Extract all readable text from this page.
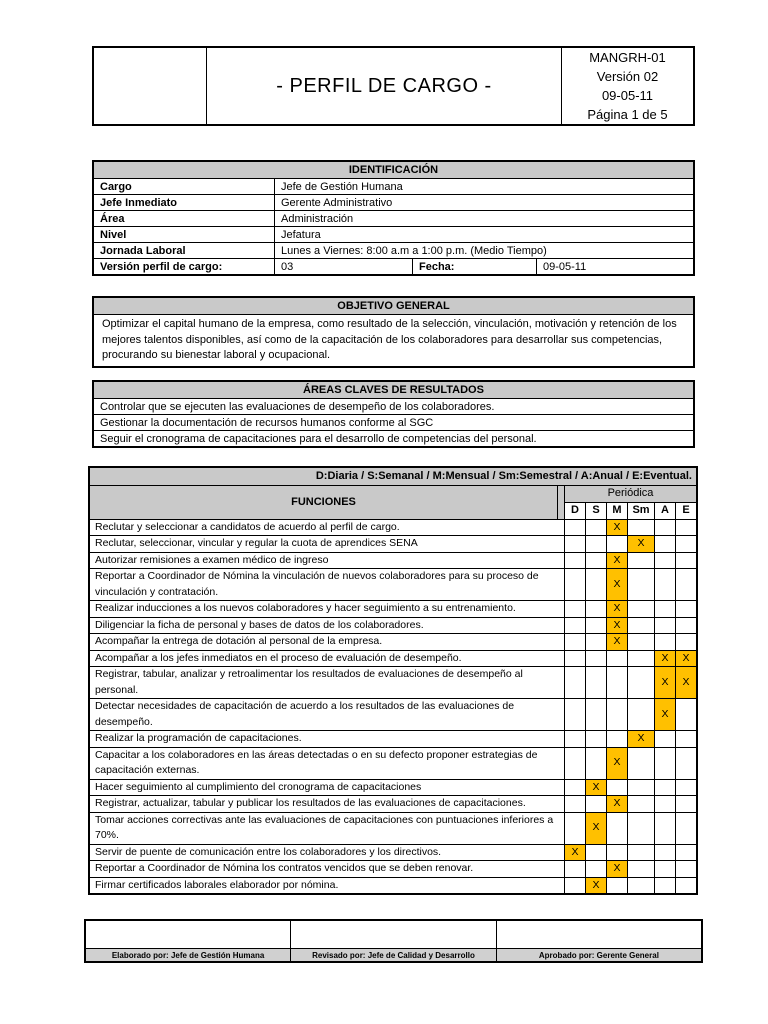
	- PERFIL DE CARGO -	
MANGRH-01
Versión 02
09-05-11
Página 1 de 5
IDENTIFICACIÓN			
Cargo	Jefe de Gestión Humana		
Jefe Inmediato	Gerente Administrativo		
Área	Administración		
Nivel	Jefatura		
Jornada Laboral	Lunes a Viernes: 8:00 a.m a 1:00 p.m. (Medio Tiempo)		
Versión perfil de cargo:	03	Fecha:	09-05-11
OBJETIVO GENERAL
Optimizar el capital humano de la empresa, como resultado de la selección, vinculación, motivación y retención de los mejores talentos disponibles, así como de la capacitación de los colaboradores para desarrollar sus competencias, procurando su bienestar laboral y ocupacional.
ÁREAS CLAVES DE RESULTADOS
Controlar que se ejecuten las evaluaciones de desempeño de los colaboradores.
Gestionar la documentación de recursos humanos conforme al SGC
Seguir el cronograma de capacitaciones para el desarrollo de competencias del personal.
D:Diaria / S:Semanal / M:Mensual / Sm:Semestral / A:Anual / E:Eventual.							
FUNCIONES		Periódica					
		D	S	M	Sm	A	E
Reclutar y seleccionar a candidatos de acuerdo al perfil de cargo.				X			
Reclutar, seleccionar, vincular y regular la cuota de aprendices SENA					X		
Autorizar remisiones a examen médico de ingreso				X			
Reportar a Coordinador de Nómina la vinculación de nuevos colaboradores para su proceso de vinculación y contratación.				X			
Realizar inducciones a los nuevos colaboradores y hacer seguimiento a su entrenamiento.				X			
Diligenciar la ficha de personal y bases de datos de los colaboradores.				X			
Acompañar la entrega de dotación al personal de la empresa.				X			
Acompañar a los jefes inmediatos en el proceso de evaluación de desempeño.						X	X
Registrar, tabular, analizar y retroalimentar los resultados de evaluaciones de desempeño al personal.						X	X
Detectar necesidades de capacitación de acuerdo a los resultados de las evaluaciones de desempeño.						X	
Realizar la programación de capacitaciones.					X		
Capacitar a los colaboradores en las áreas detectadas o en su defecto proponer estrategias de capacitación externas.				X			
Hacer seguimiento al cumplimiento del cronograma de capacitaciones			X				
Registrar, actualizar, tabular y publicar los resultados de las evaluaciones de capacitaciones.				X			
Tomar acciones correctivas ante las evaluaciones de capacitaciones con puntuaciones inferiores a 70%.			X				
Servir de puente de comunicación entre los colaboradores y los directivos.		X					
Reportar a Coordinador de Nómina los contratos vencidos que se deben renovar.				X			
Firmar certificados laborales elaborador por nómina.			X				

Elaborado por: Jefe de Gestión Humana	Revisado por: Jefe de Calidad y Desarrollo	Aprobado por: Gerente General
